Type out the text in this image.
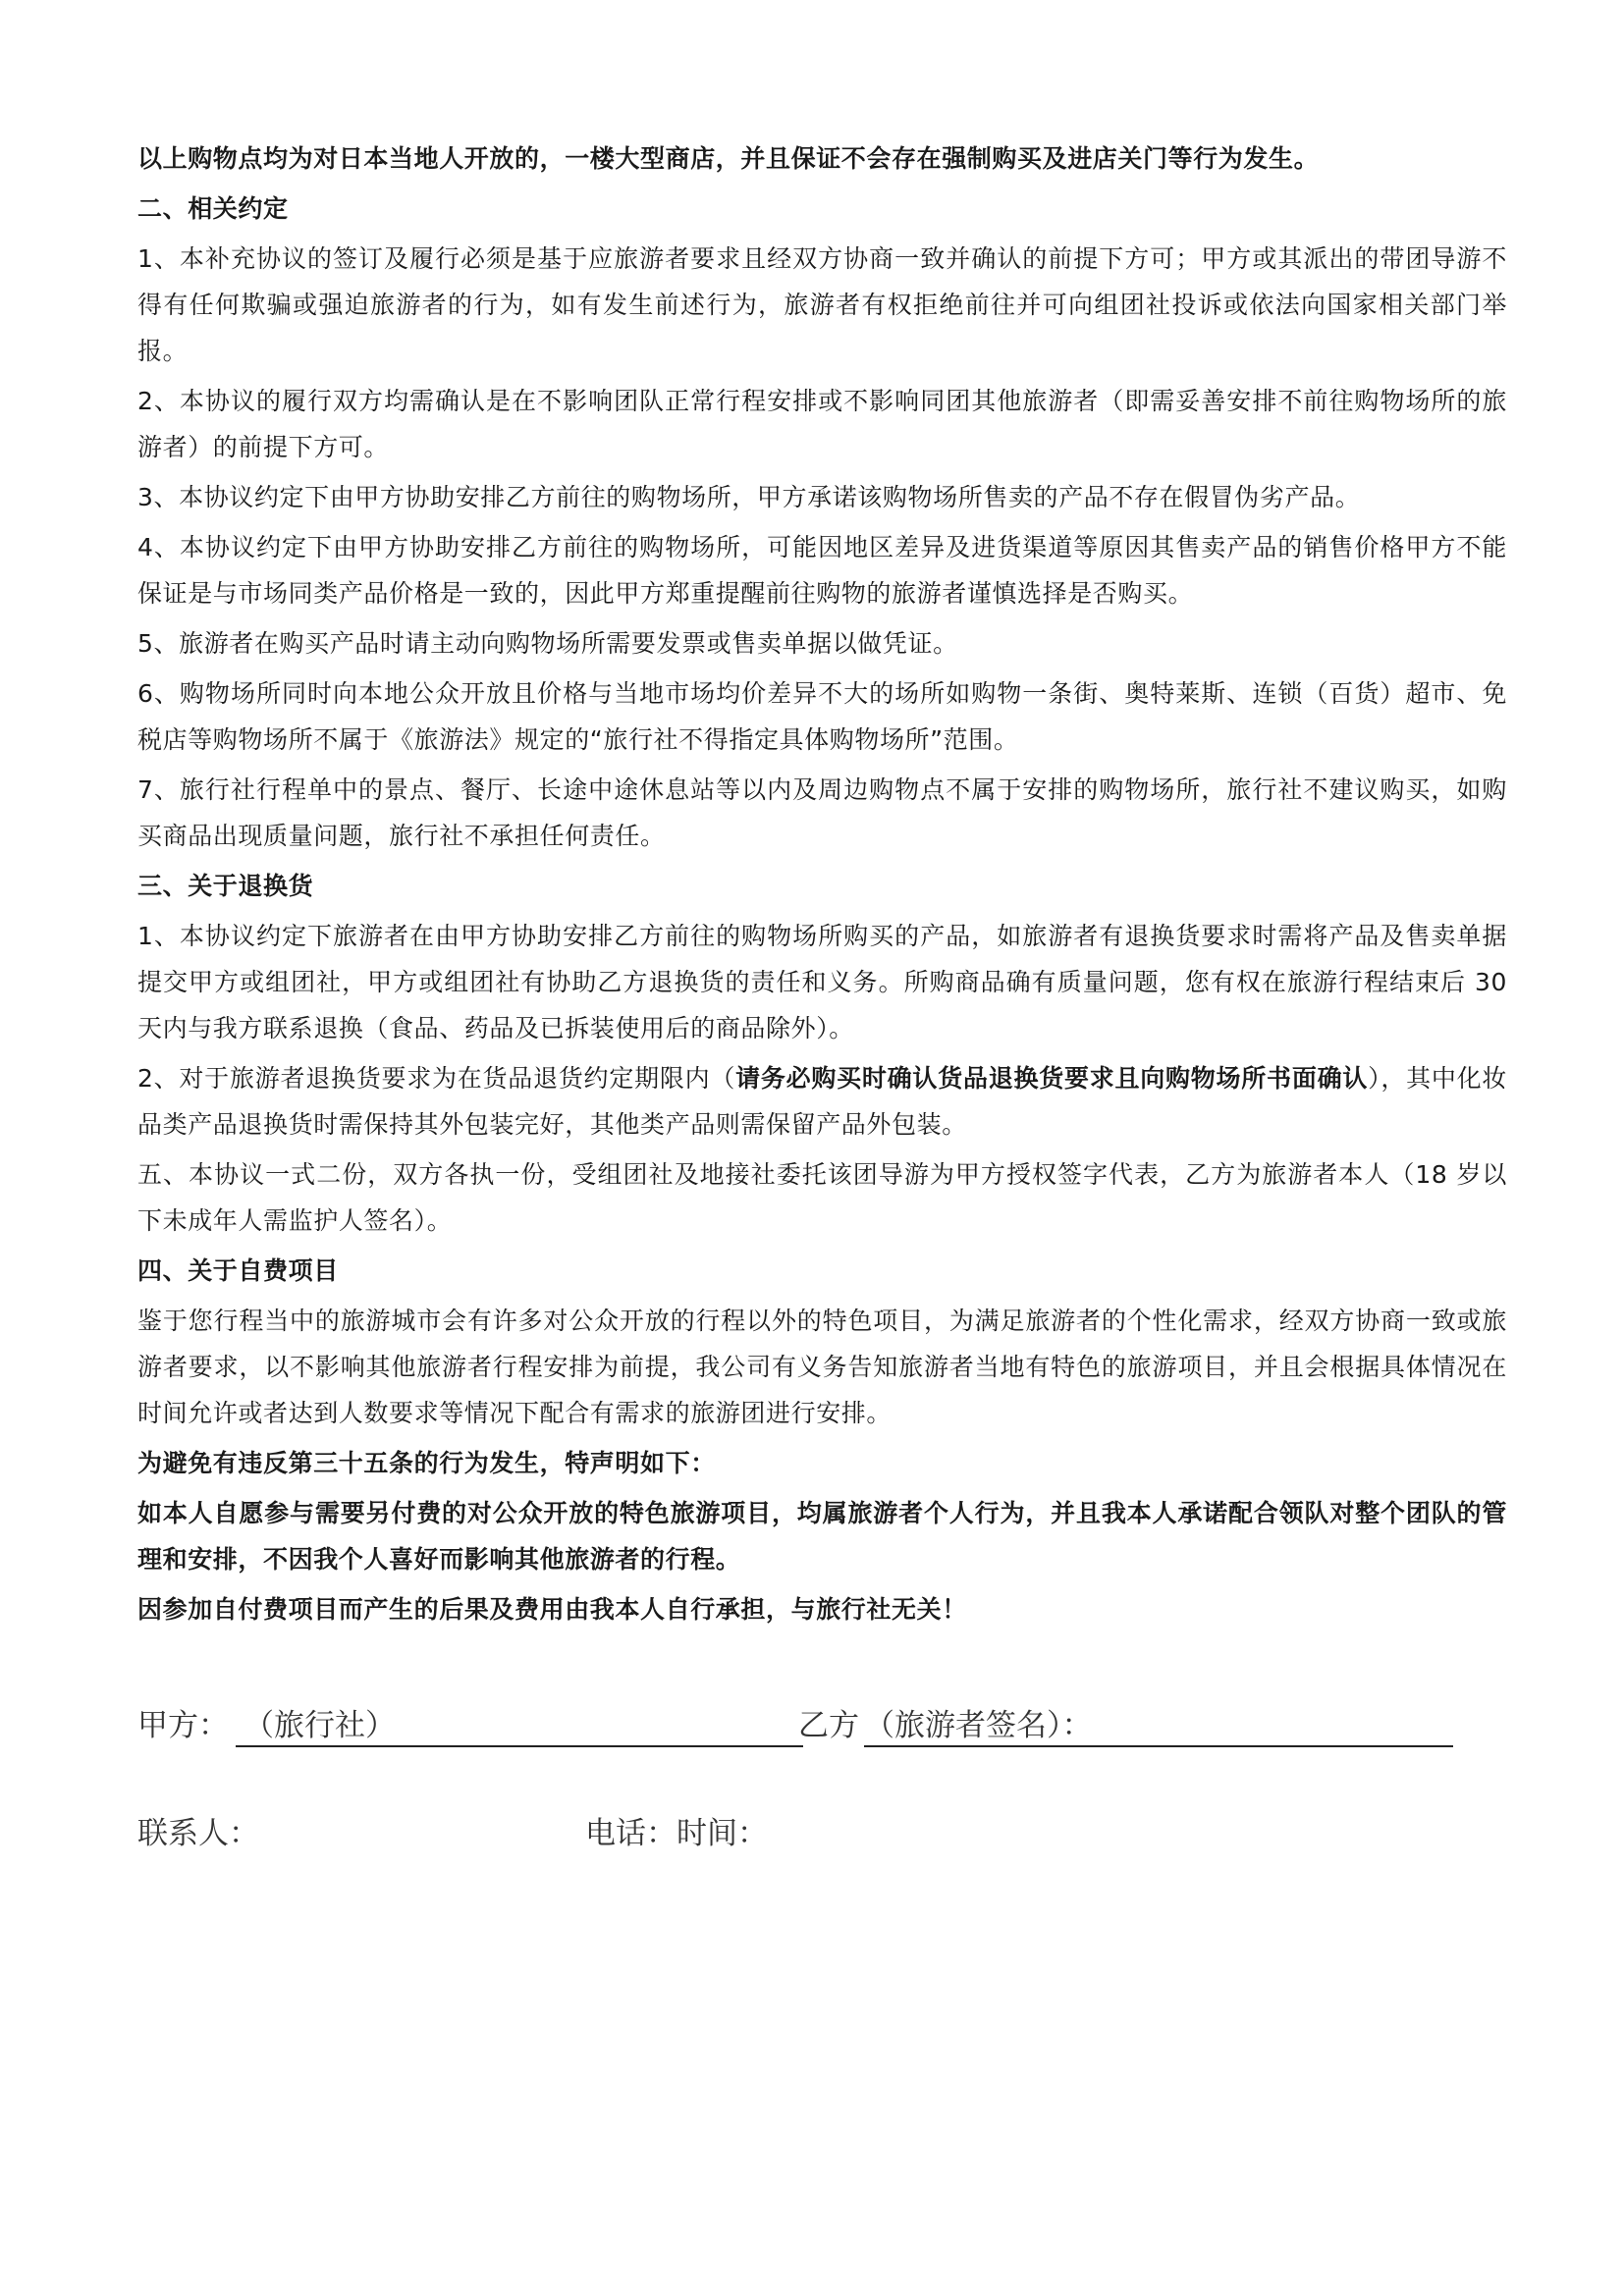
以上购物点均为对日本当地人开放的，一楼大型商店，并且保证不会存在强制购买及进店关门等行为发生。

二、相关约定

1、本补充协议的签订及履行必须是基于应旅游者要求且经双方协商一致并确认的前提下方可；甲方或其派出的带团导游不得有任何欺骗或强迫旅游者的行为，如有发生前述行为，旅游者有权拒绝前往并可向组团社投诉或依法向国家相关部门举报。

2、本协议的履行双方均需确认是在不影响团队正常行程安排或不影响同团其他旅游者（即需妥善安排不前往购物场所的旅游者）的前提下方可。

3、本协议约定下由甲方协助安排乙方前往的购物场所，甲方承诺该购物场所售卖的产品不存在假冒伪劣产品。

4、本协议约定下由甲方协助安排乙方前往的购物场所，可能因地区差异及进货渠道等原因其售卖产品的销售价格甲方不能保证是与市场同类产品价格是一致的，因此甲方郑重提醒前往购物的旅游者谨慎选择是否购买。

5、旅游者在购买产品时请主动向购物场所需要发票或售卖单据以做凭证。

6、购物场所同时向本地公众开放且价格与当地市场均价差异不大的场所如购物一条街、奥特莱斯、连锁（百货）超市、免税店等购物场所不属于《旅游法》规定的“旅行社不得指定具体购物场所”范围。

7、旅行社行程单中的景点、餐厅、长途中途休息站等以内及周边购物点不属于安排的购物场所，旅行社不建议购买，如购买商品出现质量问题，旅行社不承担任何责任。

三、关于退换货

1、本协议约定下旅游者在由甲方协助安排乙方前往的购物场所购买的产品，如旅游者有退换货要求时需将产品及售卖单据提交甲方或组团社，甲方或组团社有协助乙方退换货的责任和义务。所购商品确有质量问题，您有权在旅游行程结束后 30 天内与我方联系退换（食品、药品及已拆装使用后的商品除外）。

2、对于旅游者退换货要求为在货品退货约定期限内（请务必购买时确认货品退换货要求且向购物场所书面确认），其中化妆品类产品退换货时需保持其外包装完好，其他类产品则需保留产品外包装。

五、本协议一式二份，双方各执一份，受组团社及地接社委托该团导游为甲方授权签字代表，乙方为旅游者本人（18 岁以下未成年人需监护人签名）。

四、关于自费项目

鉴于您行程当中的旅游城市会有许多对公众开放的行程以外的特色项目，为满足旅游者的个性化需求，经双方协商一致或旅游者要求，以不影响其他旅游者行程安排为前提，我公司有义务告知旅游者当地有特色的旅游项目，并且会根据具体情况在时间允许或者达到人数要求等情况下配合有需求的旅游团进行安排。

为避免有违反第三十五条的行为发生，特声明如下：

如本人自愿参与需要另付费的对公众开放的特色旅游项目，均属旅游者个人行为，并且我本人承诺配合领队对整个团队的管理和安排，不因我个人喜好而影响其他旅游者的行程。

因参加自付费项目而产生的后果及费用由我本人自行承担，与旅行社无关！

甲方： （旅行社）	乙方 （旅游者签名）：
联系人：	电话：时间：
